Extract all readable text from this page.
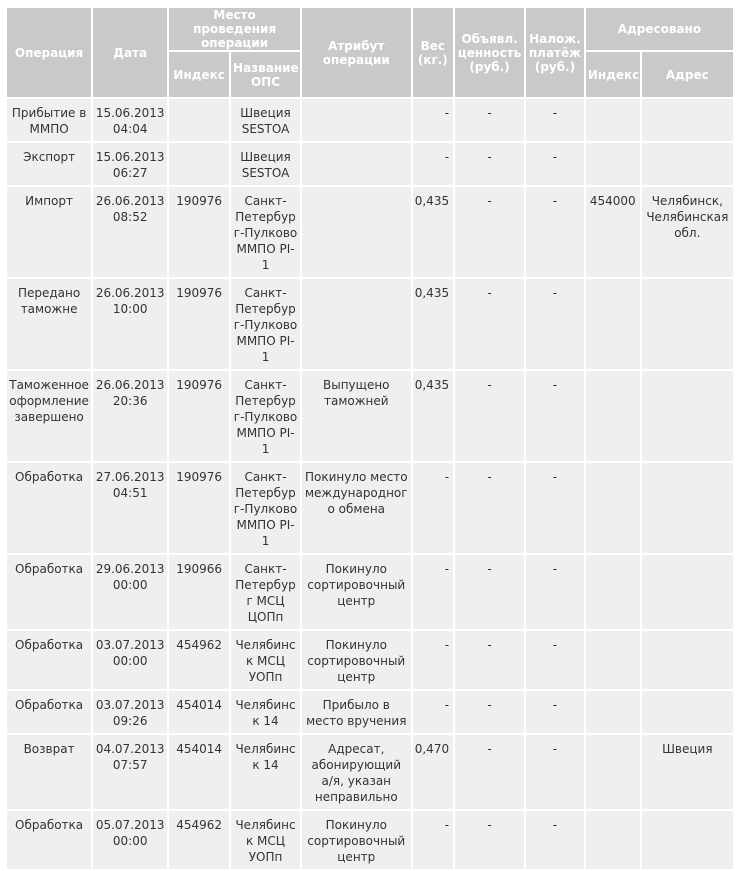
Операция	Дата	Место проведения операции		Атрибут операции	Вес (кг.)	Объявл. ценность (руб.)	Налож. платёж (руб.)	Адресовано	
		Индекс	Название ОПС					Индекс	Адрес
Прибытие в ММПО	15.06.2013 04:04		Швеция SESTOA		-	-	-		
Экспорт	15.06.2013 06:27		Швеция SESTOA		-	-	-		
Импорт	26.06.2013 08:52	190976	Санкт-Петербург-Пулково ММПО PI-1		0,435	-	-	454000	Челябинск, Челябинская обл.
Передано таможне	26.06.2013 10:00	190976	Санкт-Петербург-Пулково ММПО PI-1		0,435	-	-		
Таможенное оформление завершено	26.06.2013 20:36	190976	Санкт-Петербург-Пулково ММПО PI-1	Выпущено таможней	0,435	-	-		
Обработка	27.06.2013 04:51	190976	Санкт-Петербург-Пулково ММПО PI-1	Покинуло место международного обмена	-	-	-		
Обработка	29.06.2013 00:00	190966	Санкт-Петербург МСЦ ЦОПп	Покинуло сортировочный центр	-	-	-		
Обработка	03.07.2013 00:00	454962	Челябинск МСЦ УОПп	Покинуло сортировочный центр	-	-	-		
Обработка	03.07.2013 09:26	454014	Челябинск 14	Прибыло в место вручения	-	-	-		
Возврат	04.07.2013 07:57	454014	Челябинск 14	Адресат, абонирующий а/я, указан неправильно	0,470	-	-		Швеция
Обработка	05.07.2013 00:00	454962	Челябинск МСЦ УОПп	Покинуло сортировочный центр	-	-	-		
